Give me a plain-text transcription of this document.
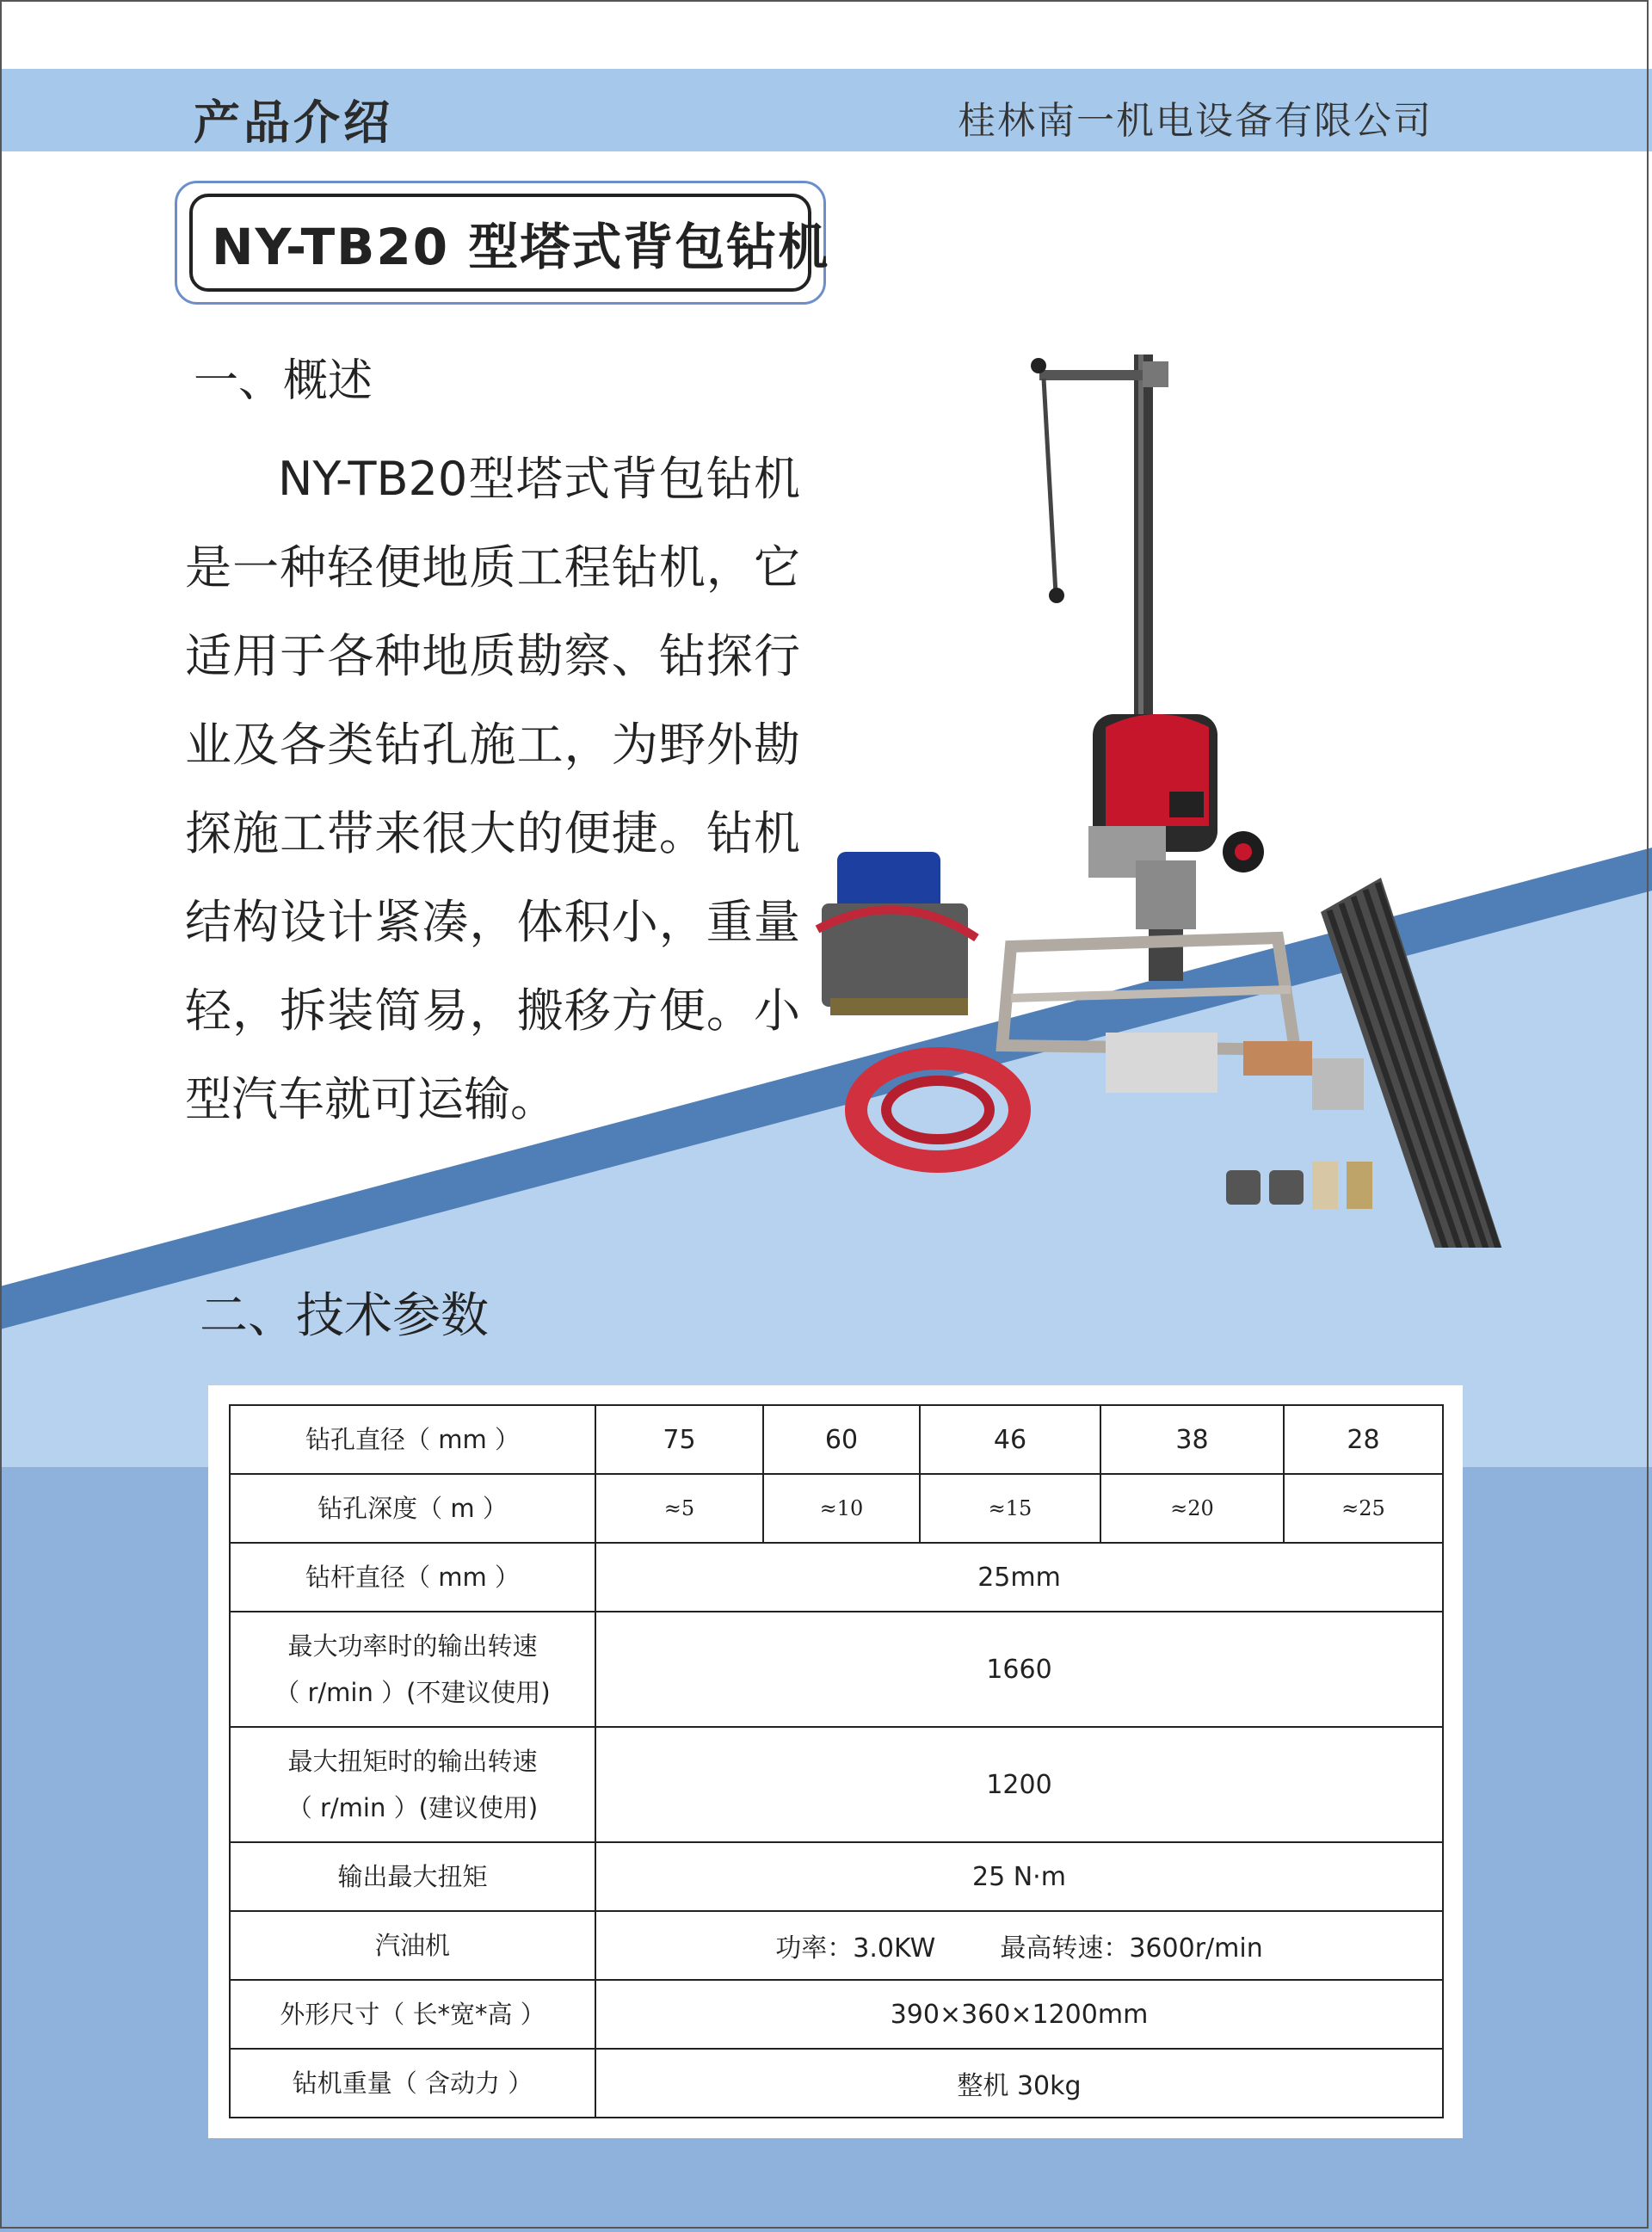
产品介绍	桂林南一机电设备有限公司
NY-TB20 型塔式背包钻机
一、概述
NY-TB20型塔式背包钻机是一种轻便地质工程钻机，它适用于各种地质勘察、钻探行业及各类钻孔施工，为野外勘探施工带来很大的便捷。钻机结构设计紧凑，体积小，重量轻，拆装简易，搬移方便。小型汽车就可运输。
二、技术参数
钻孔直径（ mm ）	75	60	46	38	28
钻孔深度（ m ）	≈5	≈10	≈15	≈20	≈25
钻杆直径（ mm ）	25mm				

最大功率时的输出转速
（ r/min ）(不建议使用)	1660				

最大扭矩时的输出转速
（ r/min ）(建议使用)	1200				
输出最大扭矩	25 N·m				
汽油机	功率：3.0KW 最高转速：3600r/min				
外形尺寸（ 长*宽*高 ）	390×360×1200mm				
钻机重量（ 含动力 ）	整机 30kg				
